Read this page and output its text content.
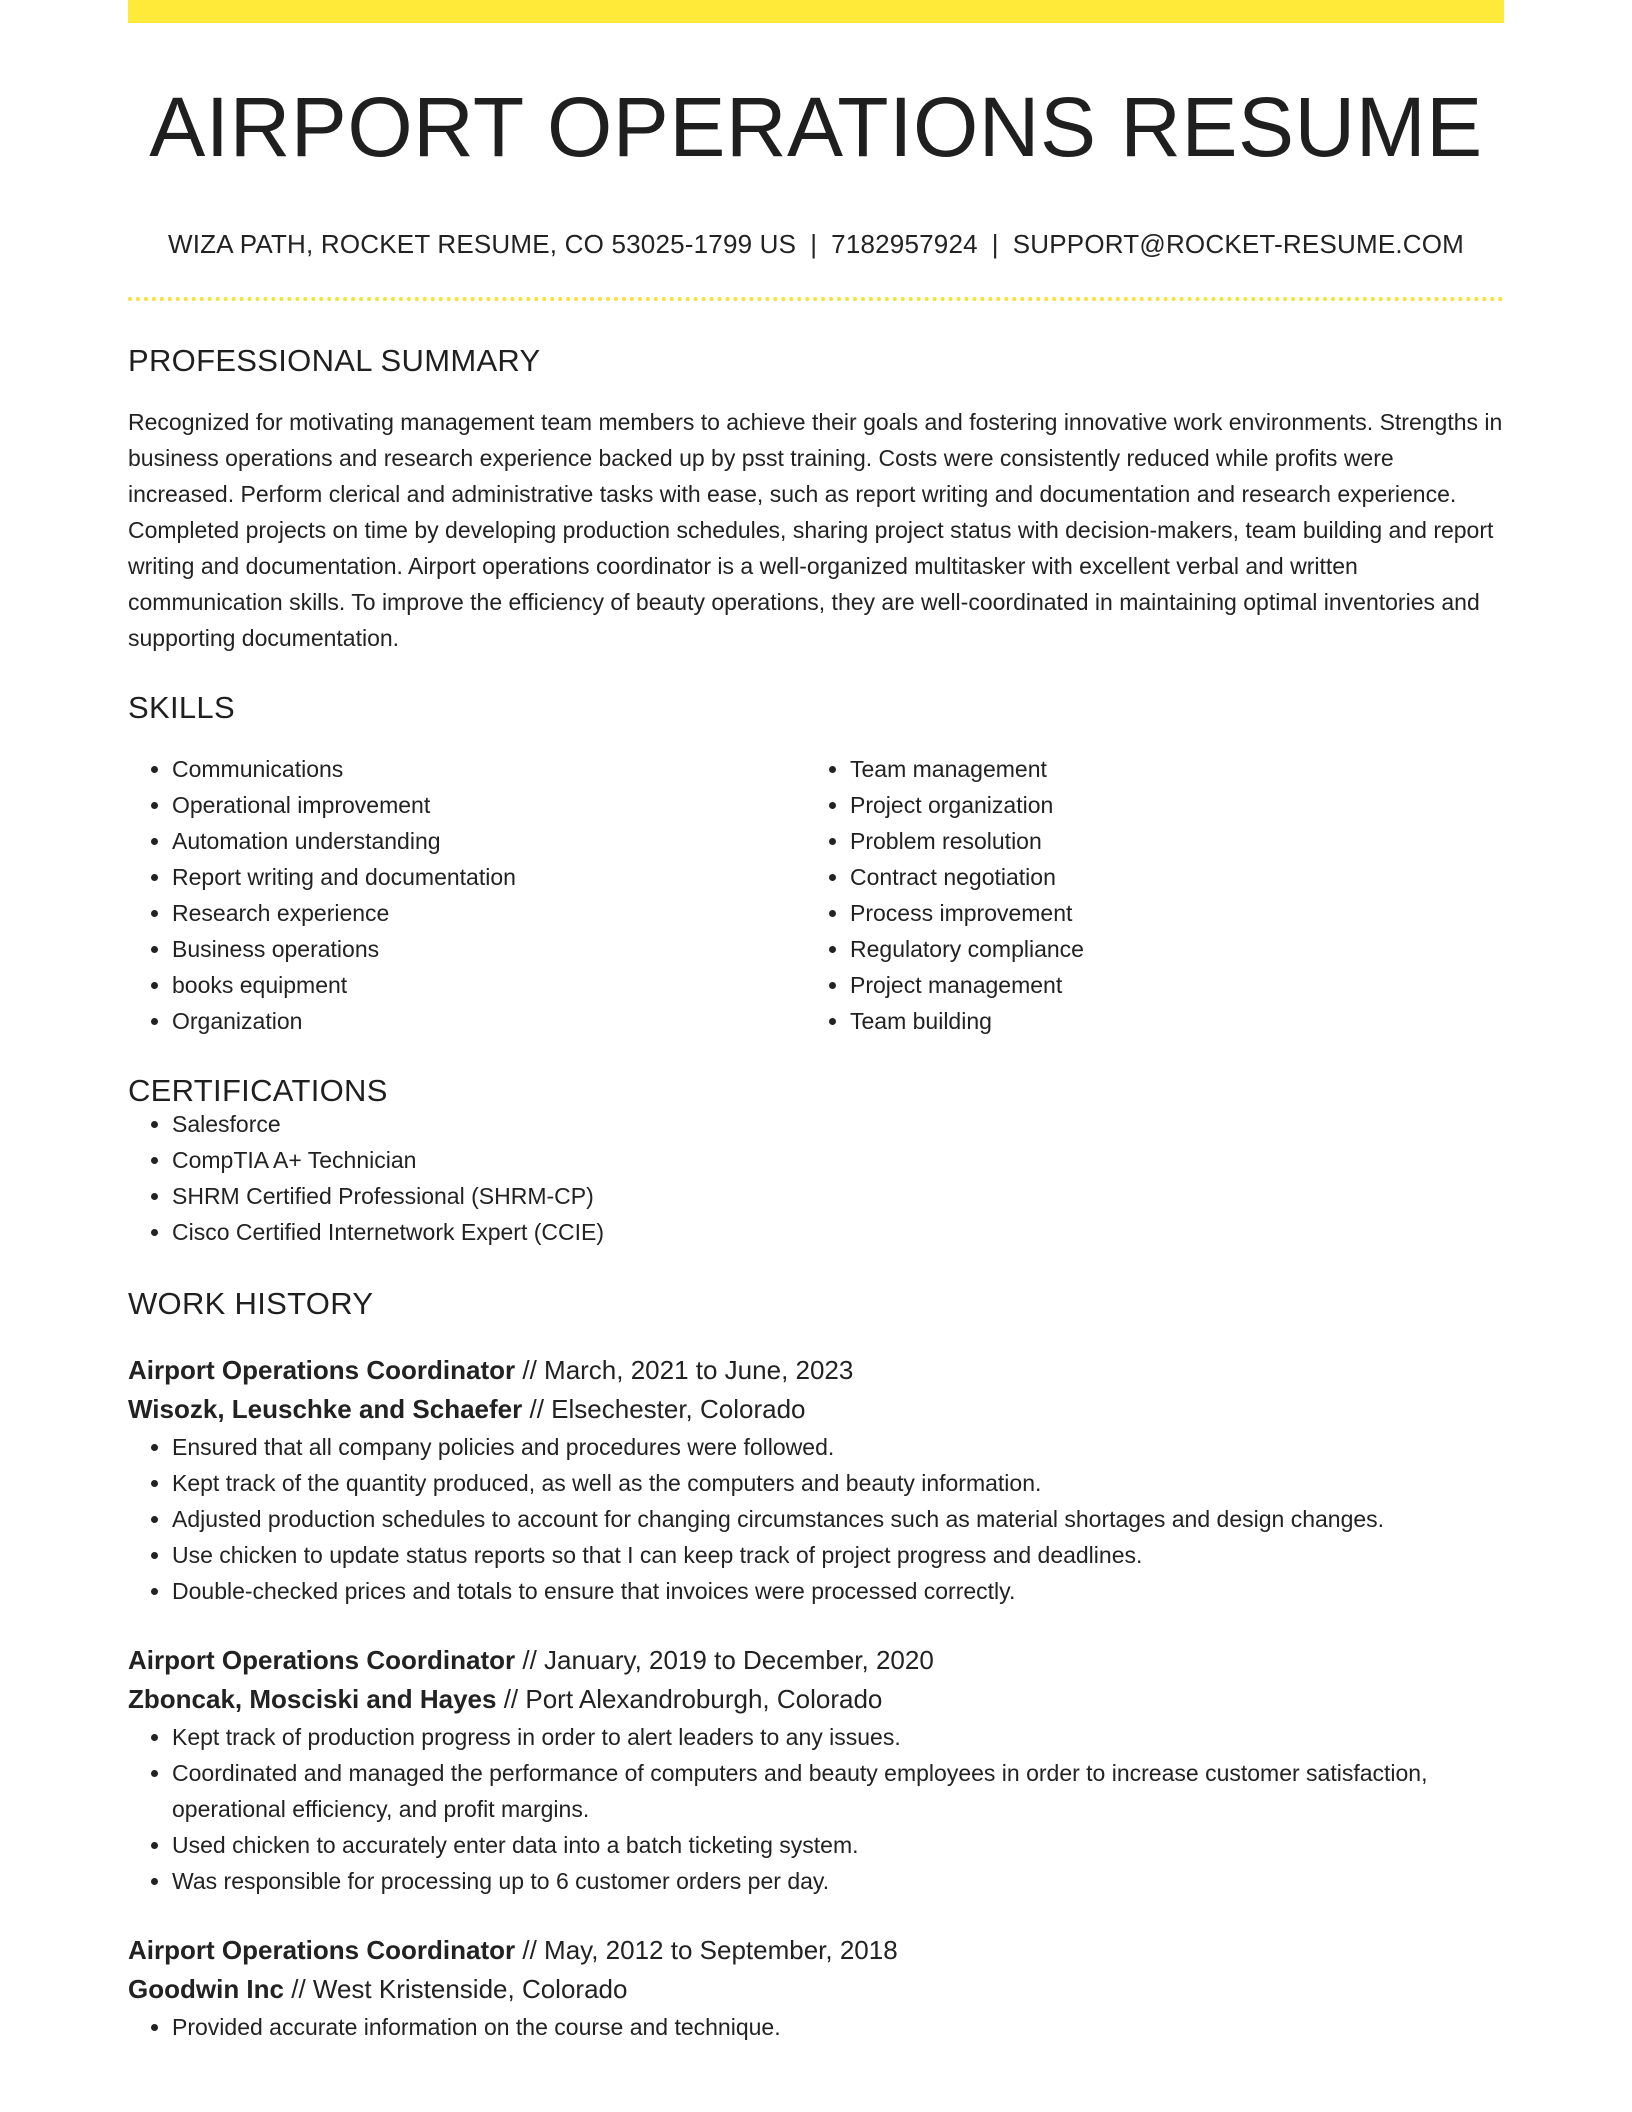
AIRPORT OPERATIONS RESUME
WIZA PATH, ROCKET RESUME, CO 53025-1799 US | 7182957924 | SUPPORT@ROCKET-RESUME.COM
PROFESSIONAL SUMMARY
Recognized for motivating management team members to achieve their goals and fostering innovative work environments. Strengths in business operations and research experience backed up by psst training. Costs were consistently reduced while profits were increased. Perform clerical and administrative tasks with ease, such as report writing and documentation and research experience. Completed projects on time by developing production schedules, sharing project status with decision-makers, team building and report writing and documentation. Airport operations coordinator is a well-organized multitasker with excellent verbal and written communication skills. To improve the efficiency of beauty operations, they are well-coordinated in maintaining optimal inventories and supporting documentation.
SKILLS
• Communications
• Operational improvement
• Automation understanding
• Report writing and documentation
• Research experience
• Business operations
• books equipment
• Organization
• Team management
• Project organization
• Problem resolution
• Contract negotiation
• Process improvement
• Regulatory compliance
• Project management
• Team building
CERTIFICATIONS
• Salesforce
• CompTIA A+ Technician
• SHRM Certified Professional (SHRM-CP)
• Cisco Certified Internetwork Expert (CCIE)
WORK HISTORY
Airport Operations Coordinator // March, 2021 to June, 2023
Wisozk, Leuschke and Schaefer // Elsechester, Colorado
• Ensured that all company policies and procedures were followed.
• Kept track of the quantity produced, as well as the computers and beauty information.
• Adjusted production schedules to account for changing circumstances such as material shortages and design changes.
• Use chicken to update status reports so that I can keep track of project progress and deadlines.
• Double-checked prices and totals to ensure that invoices were processed correctly.
Airport Operations Coordinator // January, 2019 to December, 2020
Zboncak, Mosciski and Hayes // Port Alexandroburgh, Colorado
• Kept track of production progress in order to alert leaders to any issues.
• Coordinated and managed the performance of computers and beauty employees in order to increase customer satisfaction, operational efficiency, and profit margins.
• Used chicken to accurately enter data into a batch ticketing system.
• Was responsible for processing up to 6 customer orders per day.
Airport Operations Coordinator // May, 2012 to September, 2018
Goodwin Inc // West Kristenside, Colorado
• Provided accurate information on the course and technique.
